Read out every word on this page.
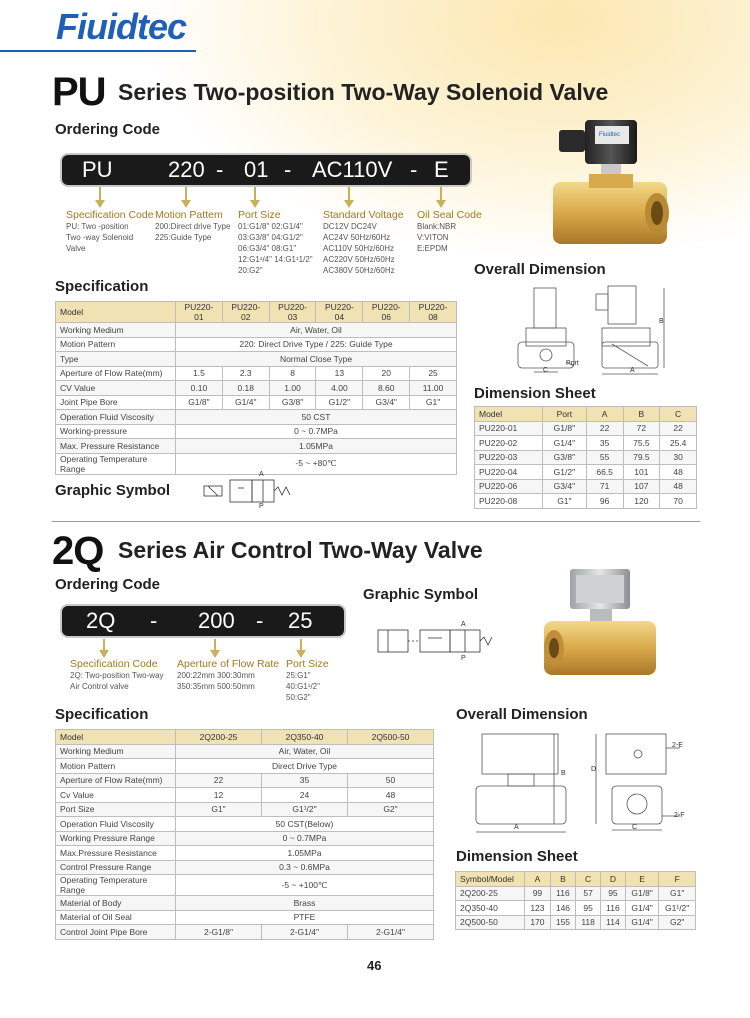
Fiuidtec
PU Series Two-position Two-Way Solenoid Valve
Ordering Code
PU	220 - 01 - AC110V - E
Specification Code
PU: Two -position
Two -way Solenoid
Valve
Motion Pattem
200:Direct drive Type
225:Guide Type
Port Size
01:G1/8" 02:G1/4"
03:G3/8" 04:G1/2"
06:G3/4" 08:G1"
12:G1¹/4" 14:G1¹1/2"
20:G2"
Standard Voltage
DC12V DC24V
AC24V 50Hz/60Hz
AC110V 50Hz/60Hz
AC220V 50Hz/60Hz
AC380V 50Hz/60Hz
Oil Seal Code
Blank:NBR
V:VITON
E:EPDM
Fiuidtec
Overall Dimension
B
A
C
Port
Dimension Sheet
Model	Port	A	B	C
PU220-01	G1/8"	22	72	22
PU220-02	G1/4"	35	75.5	25.4
PU220-03	G3/8"	55	79.5	30
PU220-04	G1/2"	66.5	101	48
PU220-06	G3/4"	71	107	48
PU220-08	G1"	96	120	70
Specification
Model	PU220-01	PU220-02	PU220-03	PU220-04	PU220-06	PU220-08
Working Medium	Air, Water, Oil					
Motion Pattern	220: Direct Drive Type / 225: Guide Type					
Type	Normal Close Type					
Aperture of Flow Rate(mm)	1.5	2.3	8	13	20	25
CV Value	0.10	0.18	1.00	4.00	8.60	11.00
Joint Pipe Bore	G1/8"	G1/4"	G3/8"	G1/2"	G3/4"	G1"
Operation Fluid Viscosity	50 CST					
Working-pressure	0 ~ 0.7MPa					
Max. Pressure Resistance	1.05MPa					
Operating Temperature Range	-5 ~ +80℃					
Graphic Symbol
A
P
2Q Series Air Control Two-Way Valve
Ordering Code
2Q - 200 - 25
Specification Code
2Q: Two-position Two-way
Air Control valve
Aperture of Flow Rate
200:22mm 300:30mm
350:35mm 500:50mm
Port Size
25:G1"
40:G1¹/2"
50:G2"
Graphic Symbol
A
P
Specification
Model	2Q200-25	2Q350-40	2Q500-50
Working Medium	Air, Water, Oil		
Motion Pattern	Direct Drive Type		
Aperture of Flow Rate(mm)	22	35	50
Cv Value	12	24	48
Port Size	G1"	G1¹/2"	G2"
Operation Fluid Viscosity	50 CST(Below)		
Working Pressure Range	0 ~ 0.7MPa		
Max.Pressure Resistance	1.05MPa		
Control Pressure Range	0.3 ~ 0.6MPa		
Operating Temperature Range	-5 ~ +100℃		
Material of Body	Brass		
Material of Oil Seal	PTFE		
Control Joint Pipe Bore	2-G1/8"	2-G1/4"	2-G1/4"
Overall Dimension
2-E
2-F
D
B
A	C
Dimension Sheet
Symbol/Model	A	B	C	D	E	F
2Q200-25	99	116	57	95	G1/8"	G1"
2Q350-40	123	146	95	116	G1/4"	G1¹/2"
2Q500-50	170	155	118	114	G1/4"	G2"
46
